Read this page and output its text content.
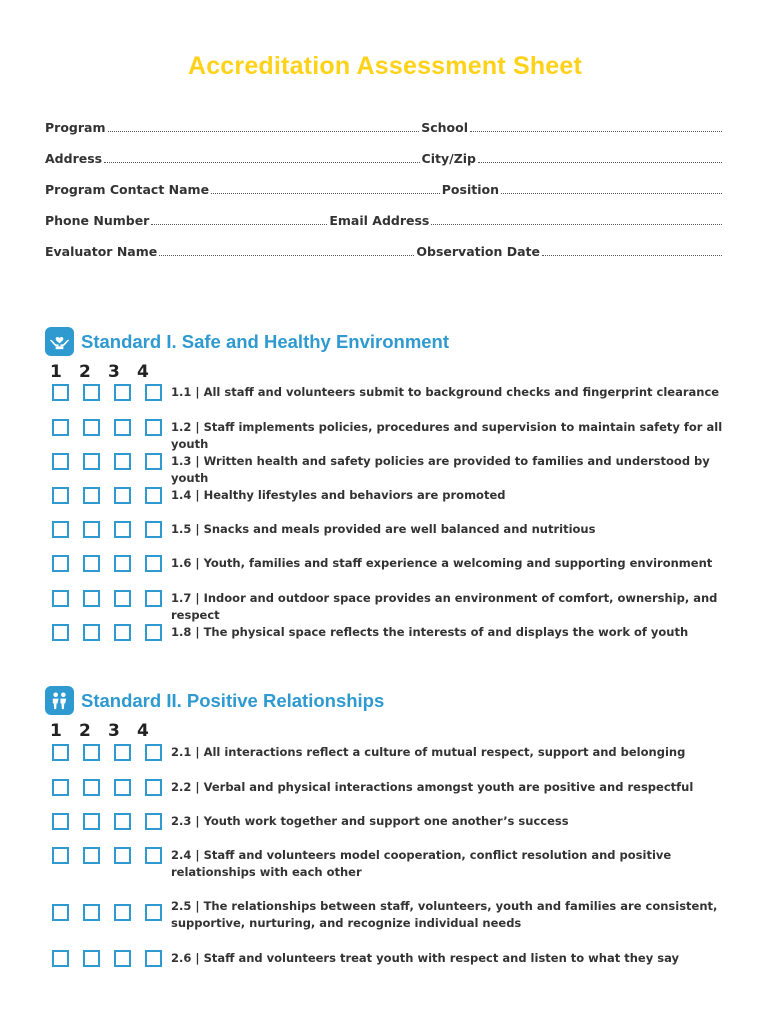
Accreditation Assessment Sheet
Program	School
Address	City/Zip
Program Contact Name	Position
Phone Number	Email Address
Evaluator Name	Observation Date
Standard I. Safe and Healthy Environment
1	2	3	4
Standard II. Positive Relationships
1	2	3	4
1.1 | All staff and volunteers submit to background checks and fingerprint clearance
1.2 | Staff implements policies, procedures and supervision to maintain safety for all youth
1.3 | Written health and safety policies are provided to families and understood by youth
1.4 | Healthy lifestyles and behaviors are promoted
1.5 | Snacks and meals provided are well balanced and nutritious
1.6 | Youth, families and staff experience a welcoming and supporting environment
1.7 | Indoor and outdoor space provides an environment of comfort, ownership, and respect
1.8 | The physical space reflects the interests of and displays the work of youth
2.1 | All interactions reflect a culture of mutual respect, support and belonging
2.2 | Verbal and physical interactions amongst youth are positive and respectful
2.3 | Youth work together and support one another’s success
2.4 | Staff and volunteers model cooperation, conflict resolution and positive relationships with each other
2.5 | The relationships between staff, volunteers, youth and families are consistent, supportive, nurturing, and recognize individual needs
2.6 | Staff and volunteers treat youth with respect and listen to what they say
